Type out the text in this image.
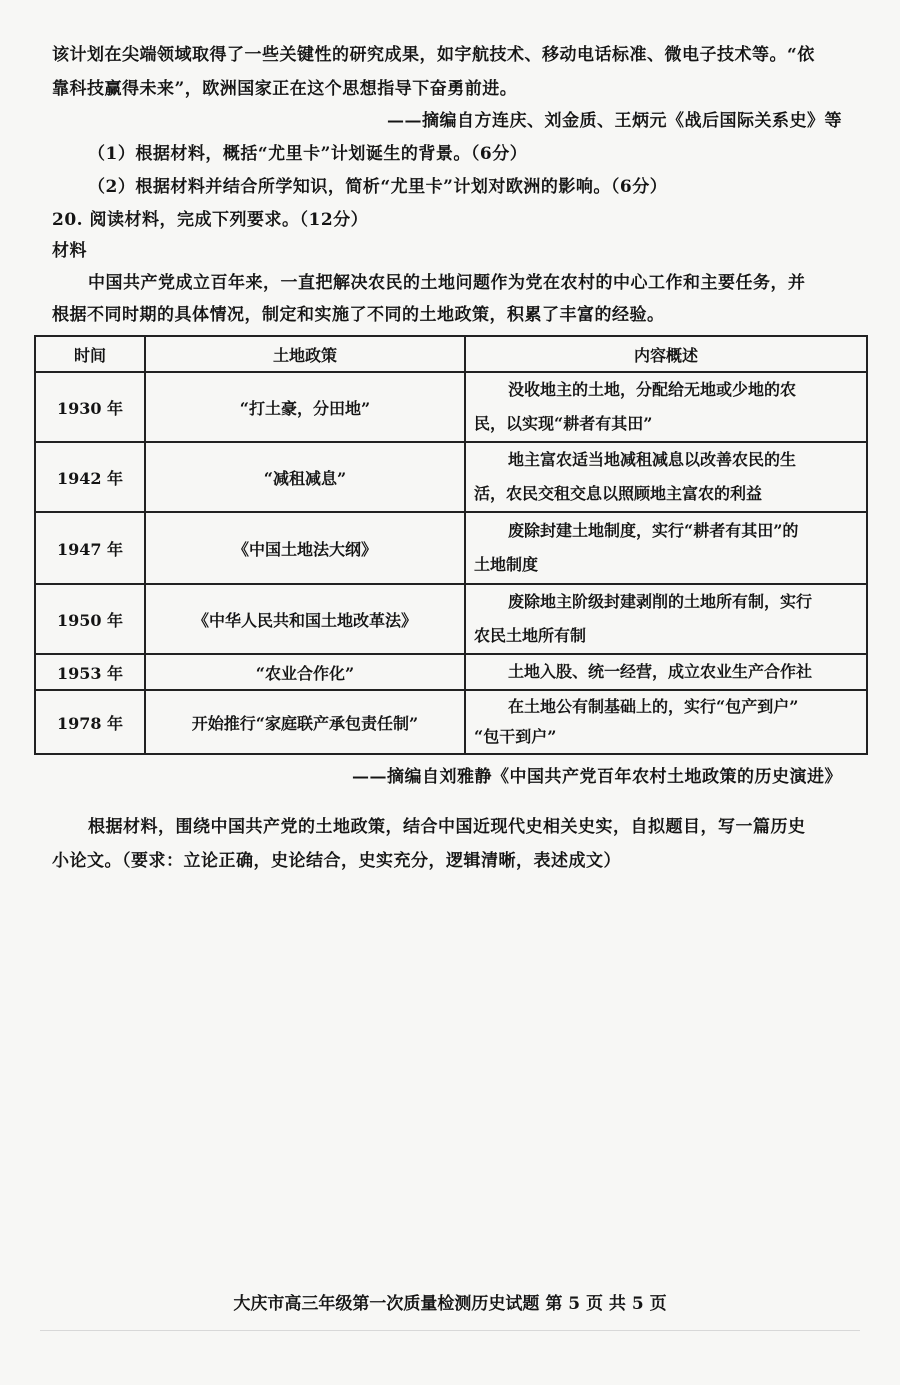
该计划在尖端领域取得了一些关键性的研究成果，如宇航技术、移动电话标准、微电子技术等。“依
靠科技赢得未来”，欧洲国家正在这个思想指导下奋勇前进。
——摘编自方连庆、刘金质、王炳元《战后国际关系史》等
（1）根据材料，概括“尤里卡”计划诞生的背景。（6分）
（2）根据材料并结合所学知识，简析“尤里卡”计划对欧洲的影响。（6分）
20. 阅读材料，完成下列要求。（12分）
材料
中国共产党成立百年来，一直把解决农民的土地问题作为党在农村的中心工作和主要任务，并
根据不同时期的具体情况，制定和实施了不同的土地政策，积累了丰富的经验。
时间	土地政策	内容概述
1930 年	“打土豪，分田地”	没收地主的土地，分配给无地或少地的农
民，以实现“耕者有其田”

1942 年	“减租减息”	地主富农适当地减租减息以改善农民的生
活，农民交租交息以照顾地主富农的利益

1947 年	《中国土地法大纲》	废除封建土地制度，实行“耕者有其田”的
土地制度

1950 年	《中华人民共和国土地改革法》	废除地主阶级封建剥削的土地所有制，实行
农民土地所有制

1953 年	“农业合作化”	土地入股、统一经营，成立农业生产合作社

1978 年	开始推行“家庭联产承包责任制”	在土地公有制基础上的，实行“包产到户”
“包干到户”
——摘编自刘雅静《中国共产党百年农村土地政策的历史演进》
根据材料，围绕中国共产党的土地政策，结合中国近现代史相关史实，自拟题目，写一篇历史
小论文。（要求：立论正确，史论结合，史实充分，逻辑清晰，表述成文）
大庆市高三年级第一次质量检测历史试题 第 5 页 共 5 页
